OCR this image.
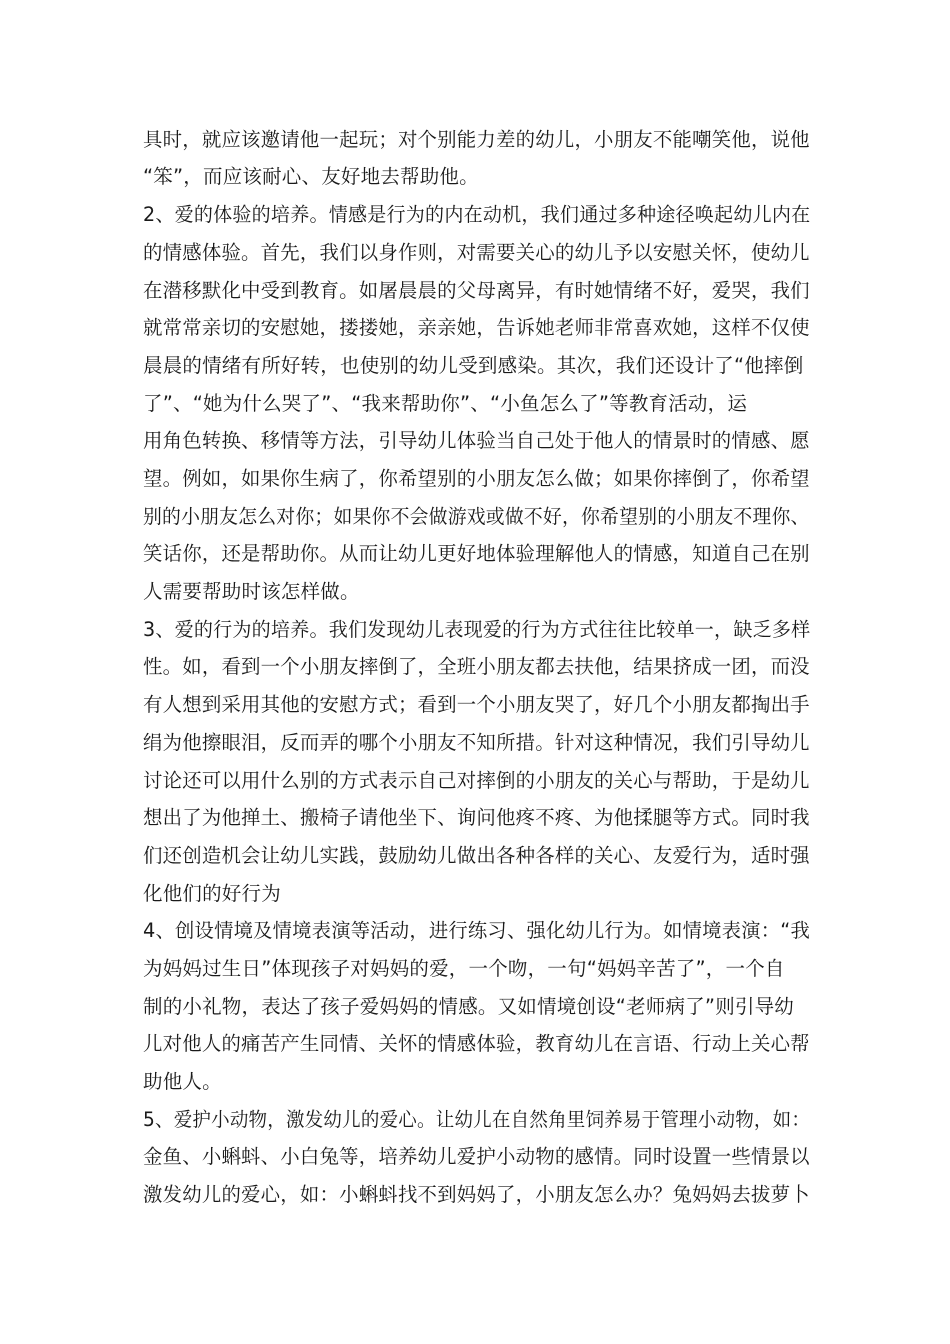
具时，就应该邀请他一起玩；对个别能力差的幼儿，小朋友不能嘲笑他，说他
“笨”，而应该耐心、友好地去帮助他。
2、爱的体验的培养。情感是行为的内在动机，我们通过多种途径唤起幼儿内在
的情感体验。首先，我们以身作则，对需要关心的幼儿予以安慰关怀，使幼儿
在潜移默化中受到教育。如屠晨晨的父母离异，有时她情绪不好，爱哭，我们
就常常亲切的安慰她，搂搂她，亲亲她，告诉她老师非常喜欢她，这样不仅使
晨晨的情绪有所好转，也使别的幼儿受到感染。其次，我们还设计了“他摔倒
了”、“她为什么哭了”、“我来帮助你”、“小鱼怎么了”等教育活动，运
用角色转换、移情等方法，引导幼儿体验当自己处于他人的情景时的情感、愿
望。例如，如果你生病了，你希望别的小朋友怎么做；如果你摔倒了，你希望
别的小朋友怎么对你；如果你不会做游戏或做不好，你希望别的小朋友不理你、
笑话你，还是帮助你。从而让幼儿更好地体验理解他人的情感，知道自己在别
人需要帮助时该怎样做。
3、爱的行为的培养。我们发现幼儿表现爱的行为方式往往比较单一，缺乏多样
性。如，看到一个小朋友摔倒了，全班小朋友都去扶他，结果挤成一团，而没
有人想到采用其他的安慰方式；看到一个小朋友哭了，好几个小朋友都掏出手
绢为他擦眼泪，反而弄的哪个小朋友不知所措。针对这种情况，我们引导幼儿
讨论还可以用什么别的方式表示自己对摔倒的小朋友的关心与帮助，于是幼儿
想出了为他掸土、搬椅子请他坐下、询问他疼不疼、为他揉腿等方式。同时我
们还创造机会让幼儿实践，鼓励幼儿做出各种各样的关心、友爱行为，适时强
化他们的好行为
4、创设情境及情境表演等活动，进行练习、强化幼儿行为。如情境表演：“我
为妈妈过生日”体现孩子对妈妈的爱，一个吻，一句“妈妈辛苦了”，一个自
制的小礼物，表达了孩子爱妈妈的情感。又如情境创设“老师病了”则引导幼
儿对他人的痛苦产生同情、关怀的情感体验，教育幼儿在言语、行动上关心帮
助他人。
5、爱护小动物，激发幼儿的爱心。让幼儿在自然角里饲养易于管理小动物，如：
金鱼、小蝌蚪、小白兔等，培养幼儿爱护小动物的感情。同时设置一些情景以
激发幼儿的爱心，如：小蝌蚪找不到妈妈了，小朋友怎么办？兔妈妈去拔萝卜
